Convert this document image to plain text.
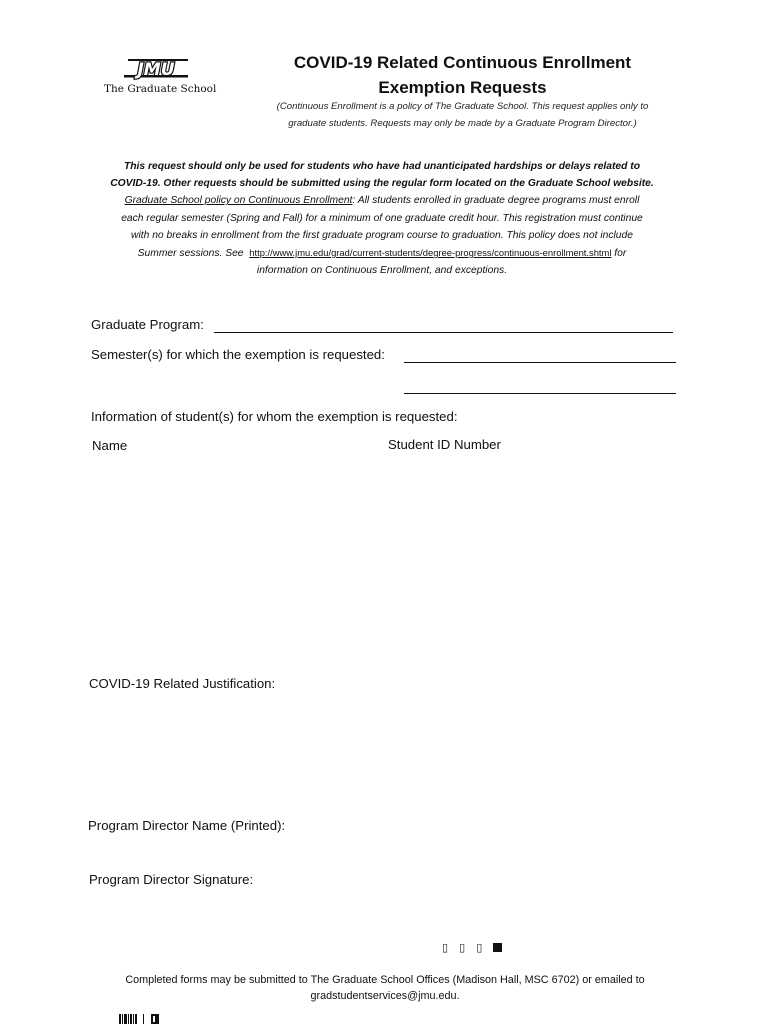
JMU
The Graduate School
COVID-19 Related Continuous Enrollment
Exemption Requests
(Continuous Enrollment is a policy of The Graduate School. This request applies only to
graduate students. Requests may only be made by a Graduate Program Director.)
This request should only be used for students who have had unanticipated hardships or delays related to
COVID-19. Other requests should be submitted using the regular form located on the Graduate School website.
Graduate School policy on Continuous Enrollment: All students enrolled in graduate degree programs must enroll
each regular semester (Spring and Fall) for a minimum of one graduate credit hour. This registration must continue
with no breaks in enrollment from the first graduate program course to graduation. This policy does not include
Summer sessions. See http://www.jmu.edu/grad/current-students/degree-progress/continuous-enrollment.shtml for
information on Continuous Enrollment, and exceptions.
Graduate Program:
Semester(s) for which the exemption is requested:
Information of student(s) for whom the exemption is requested:
Name	Student ID Number
COVID-19 Related Justification:
Program Director Name (Printed):
Program Director Signature:
▯ ▯ ▯
Completed forms may be submitted to The Graduate School Offices (Madison Hall, MSC 6702) or emailed to
gradstudentservices@jmu.edu.
